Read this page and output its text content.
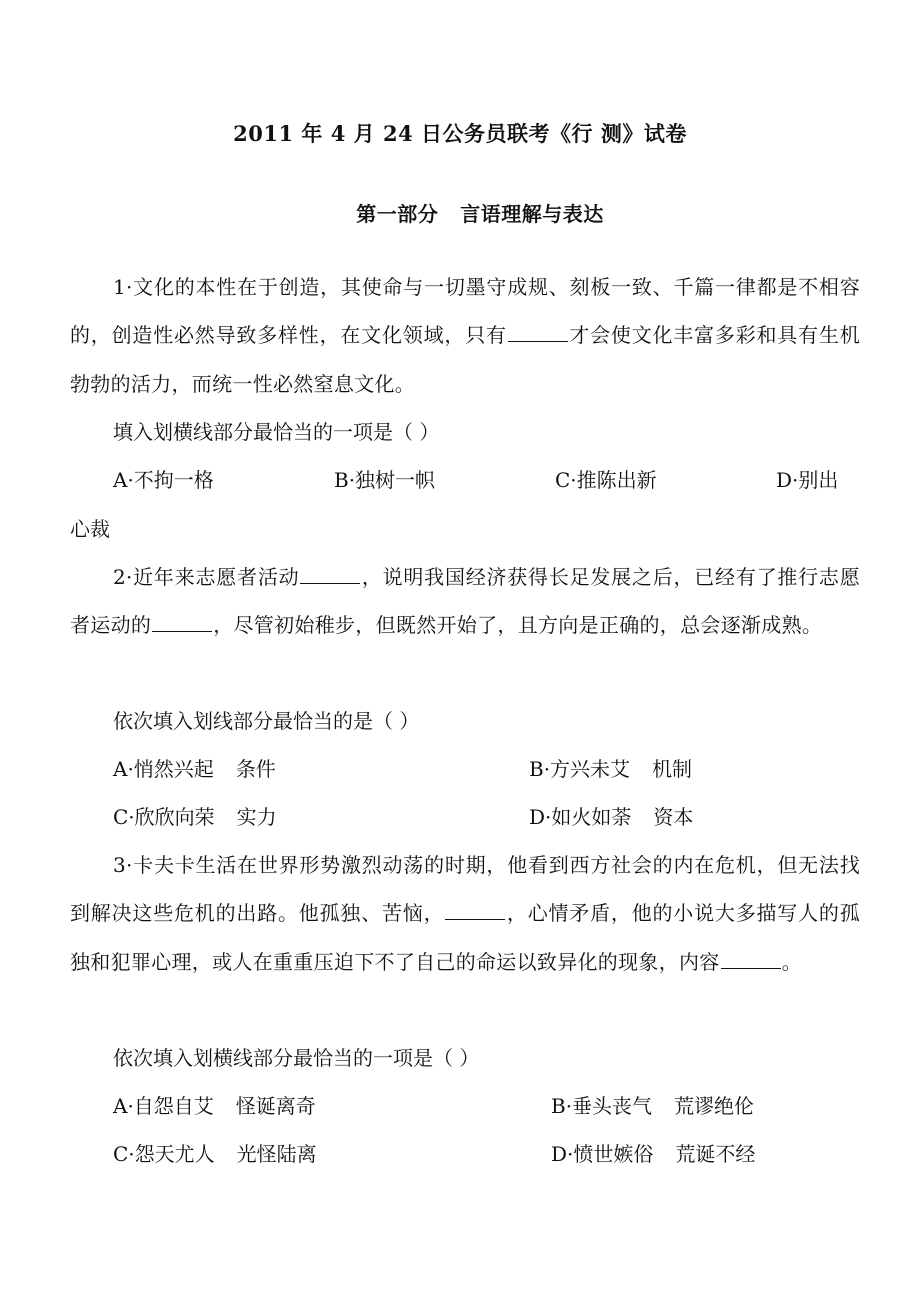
2011 年 4 月 24 日公务员联考《行 测》试卷
第一部分 言语理解与表达
1·文化的本性在于创造，其使命与一切墨守成规、刻板一致、千篇一律都是不相容的，创造性必然导致多样性，在文化领域，只有	才会使文化丰富多彩和具有生机勃勃的活力，而统一性必然窒息文化。
填入划横线部分最恰当的一项是（ ）
A·不拘一格	B·独树一帜	C·推陈出新	D·别出
心裁
2·近年来志愿者活动	，说明我国经济获得长足发展之后，已经有了推行志愿者运动的	，尽管初始稚步，但既然开始了，且方向是正确的，总会逐渐成熟。
依次填入划线部分最恰当的是（ ）
A·悄然兴起 条件	B·方兴未艾 机制
C·欣欣向荣 实力	D·如火如荼 资本
3·卡夫卡生活在世界形势激烈动荡的时期，他看到西方社会的内在危机，但无法找到解决这些危机的出路。他孤独、苦恼，	，心情矛盾，他的小说大多描写人的孤独和犯罪心理，或人在重重压迫下不了自己的命运以致异化的现象，内容	。
依次填入划横线部分最恰当的一项是（ ）
A·自怨自艾 怪诞离奇	B·垂头丧气 荒谬绝伦
C·怨天尤人 光怪陆离	D·愤世嫉俗 荒诞不经
